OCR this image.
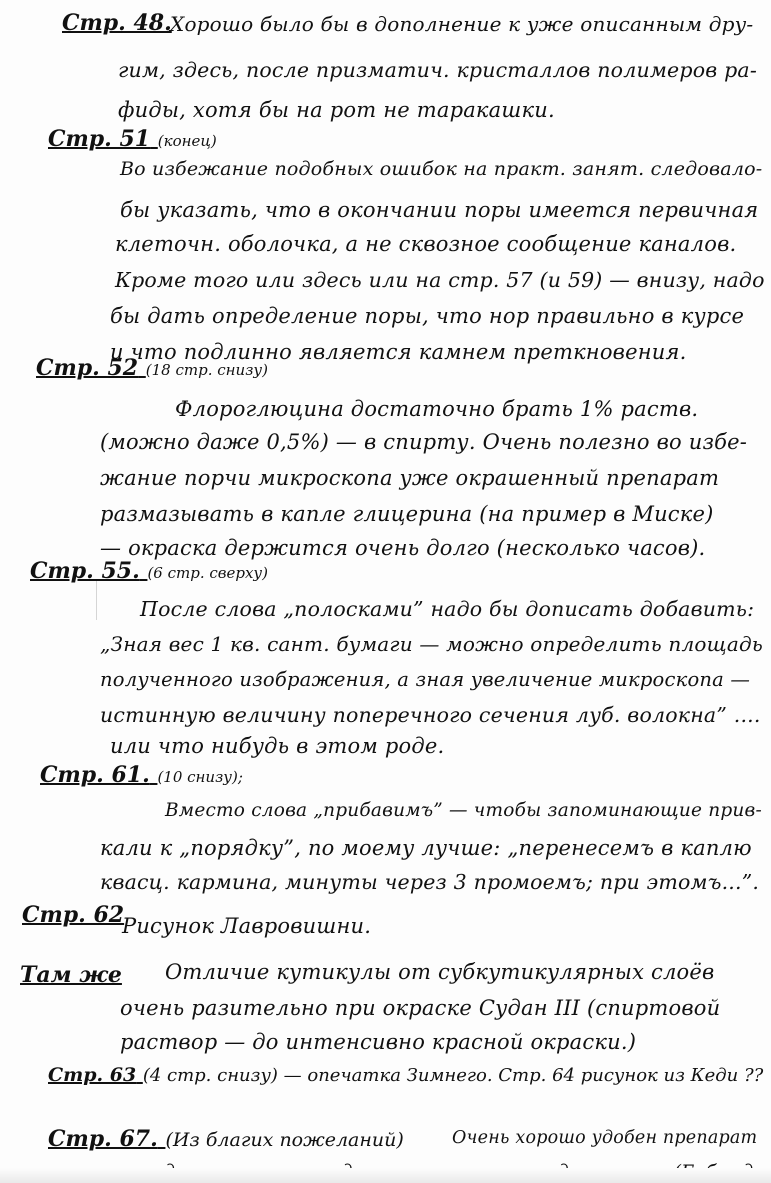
Стр. 48.
Хорошо было бы в дополнение к уже описанным дру-
гим, здесь, после призматич. кристаллов полимеров ра-
фиды, хотя бы на рот не таракашки.
Стр. 51 (конец)
Во избежание подобных ошибок на практ. занят. следовало-
бы указать, что в окончании поры имеется первичная
клеточн. оболочка, а не сквозное сообщение каналов.
Кроме того или здесь или на стр. 57 (и 59) — внизу, надо
бы дать определение поры, что нор правильно в курсе
и что подлинно является камнем преткновения.
Стр. 52 (18 стр. снизу)
Флороглюцина достаточно брать 1% раств.
(можно даже 0,5%) — в спирту. Очень полезно во избе-
жание порчи микроскопа уже окрашенный препарат
размазывать в капле глицерина (на пример в Миске)
— окраска держится очень долго (несколько часов).
Стр. 55. (6 стр. сверху)
После слова „полосками” надо бы дописать добавить:
„Зная вес 1 кв. сант. бумаги — можно определить площадь
полученного изображения, а зная увеличение микроскопа —
истинную величину поперечного сечения луб. волокна” ....
или что нибудь в этом роде.
Стр. 61. (10 снизу);
Вместо слова „прибавимъ” — чтобы запоминающие прив-
кали к „порядку”, по моему лучше: „перенесемъ в каплю
квасц. кармина, минуты через 3 промоемъ; при этомъ...”.
Стр. 62
Рисунок Лавровишни.
Там же Отличие кутикулы от субкутикулярных слоёв
очень разительно при окраске Судан III (спиртовой
раствор — до интенсивно красной окраски.)
Стр. 63 (4 стр. снизу) — опечатка Зимнего. Стр. 64 рисунок из Кеди ??
Стр. 67. (Из благих пожеланий)	Очень хорошо удобен препарат
